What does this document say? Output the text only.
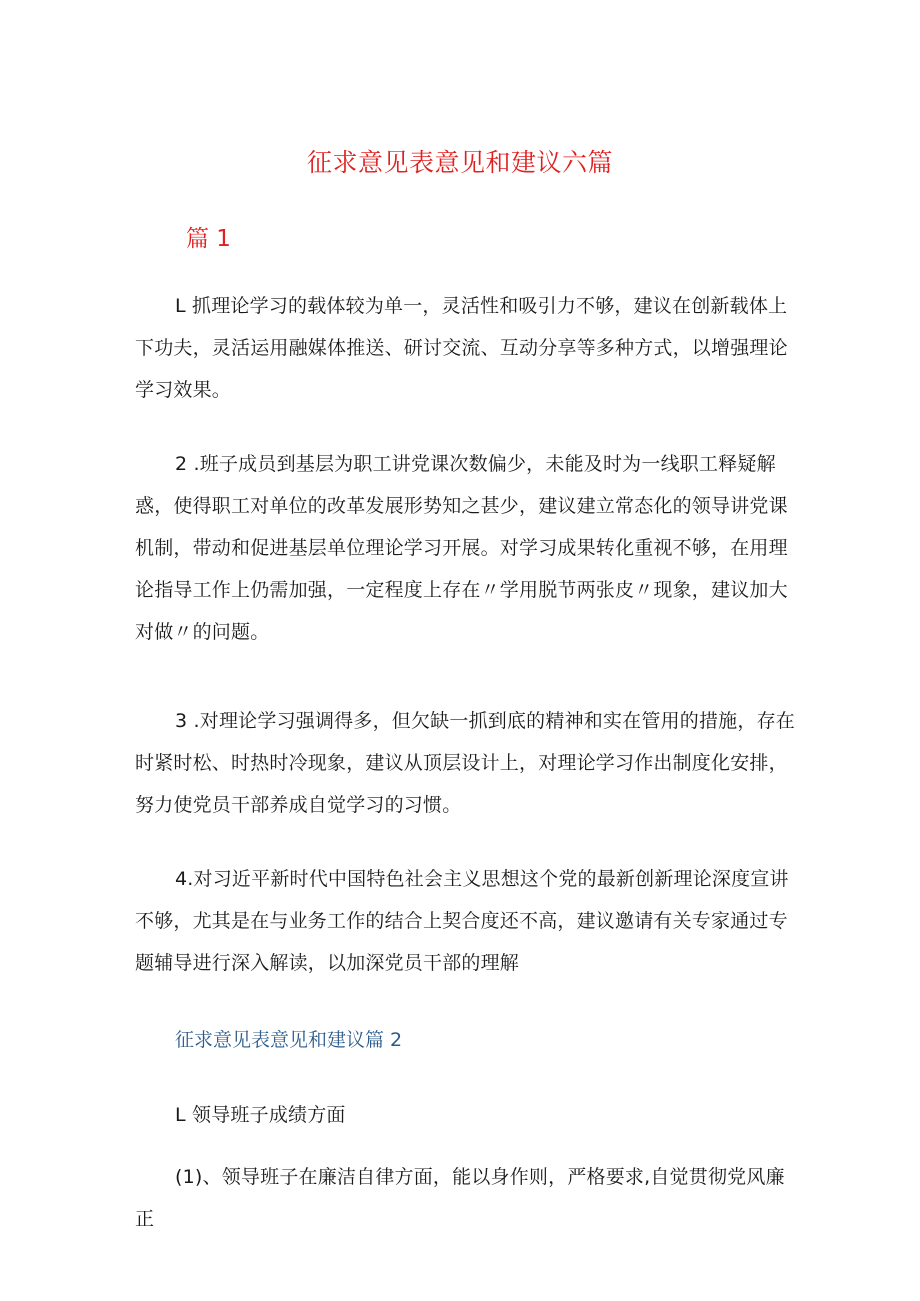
征求意见表意见和建议六篇
篇 1

L 抓理论学习的载体较为单一，灵活性和吸引力不够，建议在创新载体上下功夫，灵活运用融媒体推送、研讨交流、互动分享等多种方式，以增强理论学习效果。

2 .班子成员到基层为职工讲党课次数偏少，未能及时为一线职工释疑解惑，使得职工对单位的改革发展形势知之甚少，建议建立常态化的领导讲党课机制，带动和促进基层单位理论学习开展。对学习成果转化重视不够，在用理论指导工作上仍需加强，一定程度上存在〃学用脱节两张皮〃现象，建议加大对做〃的问题。

3 .对理论学习强调得多，但欠缺一抓到底的精神和实在管用的措施，存在时紧时松、时热时冷现象，建议从顶层设计上，对理论学习作出制度化安排，努力使党员干部养成自觉学习的习惯。

4.对习近平新时代中国特色社会主义思想这个党的最新创新理论深度宣讲不够，尤其是在与业务工作的结合上契合度还不高，建议邀请有关专家通过专题辅导进行深入解读，以加深党员干部的理解

征求意见表意见和建议篇 2

L 领导班子成绩方面

(1)、领导班子在廉洁自律方面，能以身作则，严格要求,自觉贯彻党风廉正
